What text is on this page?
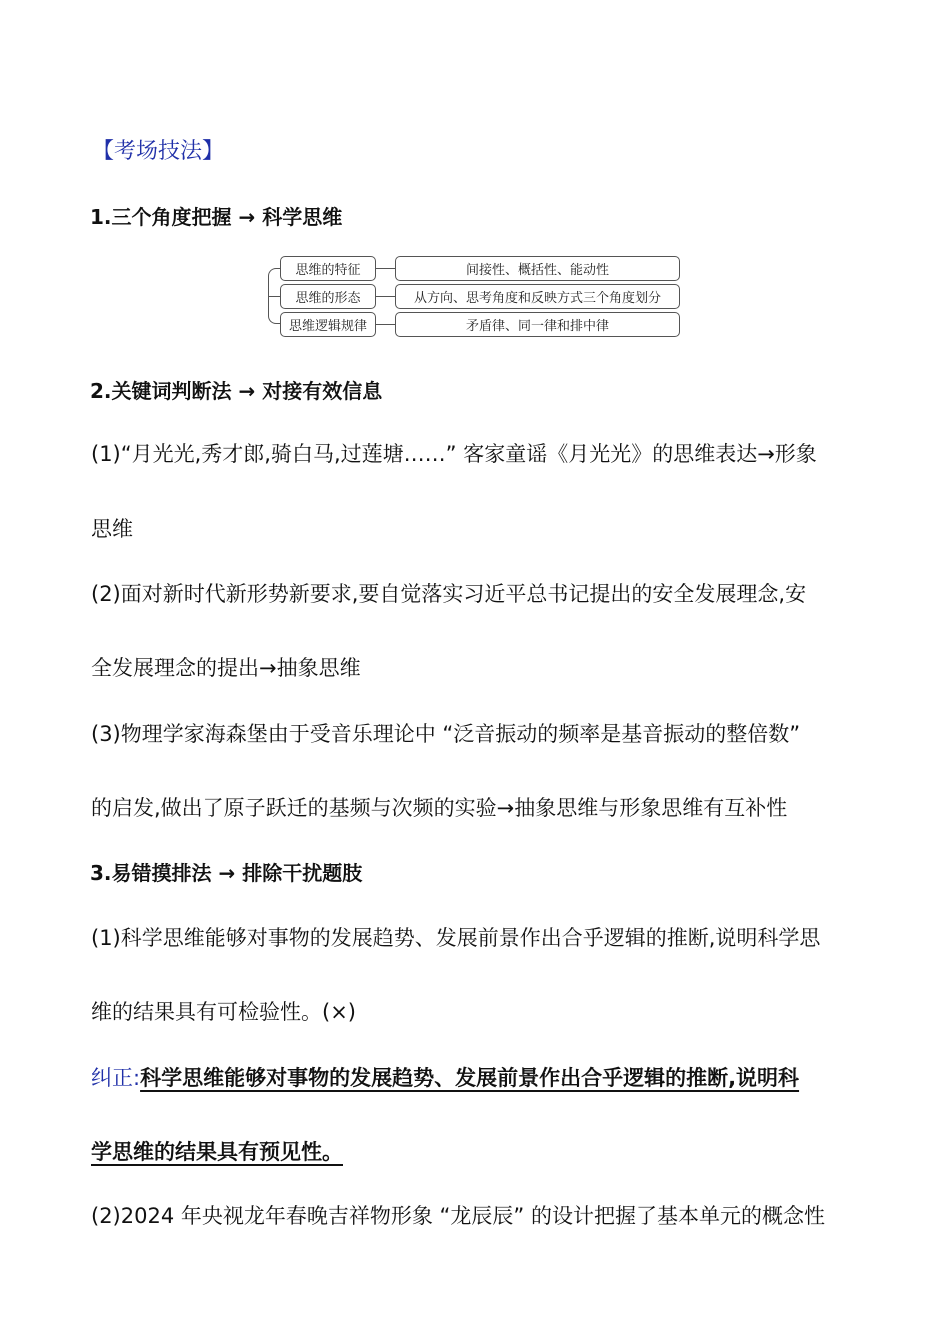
【考场技法】
1.三个角度把握 → 科学思维
思维的特征	间接性、概括性、能动性
思维的形态	从方向、思考角度和反映方式三个角度划分
思维逻辑规律	矛盾律、同一律和排中律
2.关键词判断法 → 对接有效信息
(1)“月光光,秀才郎,骑白马,过莲塘……” 客家童谣《月光光》的思维表达→形象
思维
(2)面对新时代新形势新要求,要自觉落实习近平总书记提出的安全发展理念,安
全发展理念的提出→抽象思维
(3)物理学家海森堡由于受音乐理论中 “泛音振动的频率是基音振动的整倍数”
的启发,做出了原子跃迁的基频与次频的实验→抽象思维与形象思维有互补性
3.易错摸排法 → 排除干扰题肢
(1)科学思维能够对事物的发展趋势、发展前景作出合乎逻辑的推断,说明科学思
维的结果具有可检验性。(×)
纠正:科学思维能够对事物的发展趋势、发展前景作出合乎逻辑的推断,说明科
学思维的结果具有预见性。
(2)2024 年央视龙年春晚吉祥物形象 “龙辰辰” 的设计把握了基本单元的概念性
